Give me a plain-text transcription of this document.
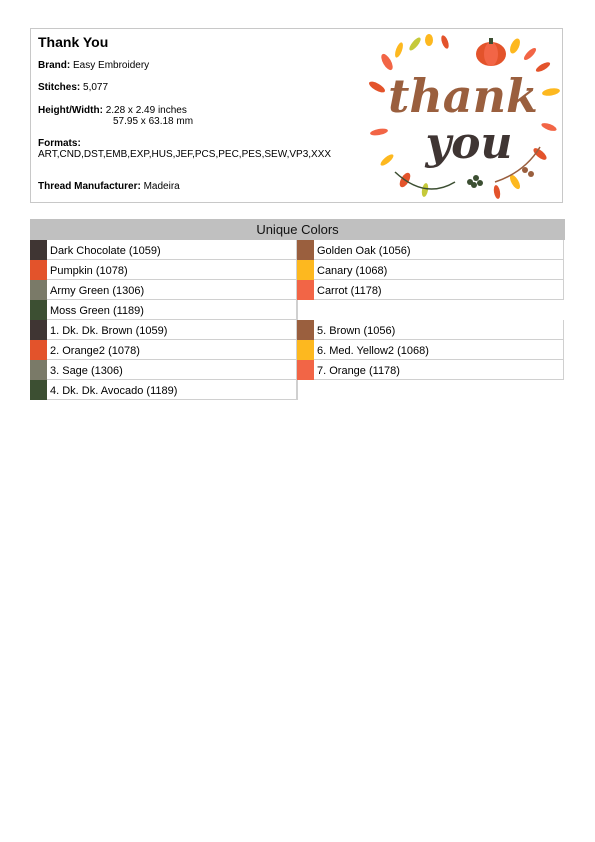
Thank You
Brand: Easy Embroidery
Stitches: 5,077
Height/Width: 2.28 x 2.49 inches
57.95 x 63.18 mm
Formats:
ART,CND,DST,EMB,EXP,HUS,JEF,PCS,PEC,PES,SEW,VP3,XXX
Thread Manufacturer: Madeira
thank
you
Unique Colors
Dark Chocolate (1059)	Golden Oak (1056)
Pumpkin (1078)	Canary (1068)
Army Green (1306)	Carrot (1178)
Moss Green (1189)
1. Dk. Dk. Brown (1059)	5. Brown (1056)
2. Orange2 (1078)	6. Med. Yellow2 (1068)
3. Sage (1306)	7. Orange (1178)
4. Dk. Dk. Avocado (1189)
